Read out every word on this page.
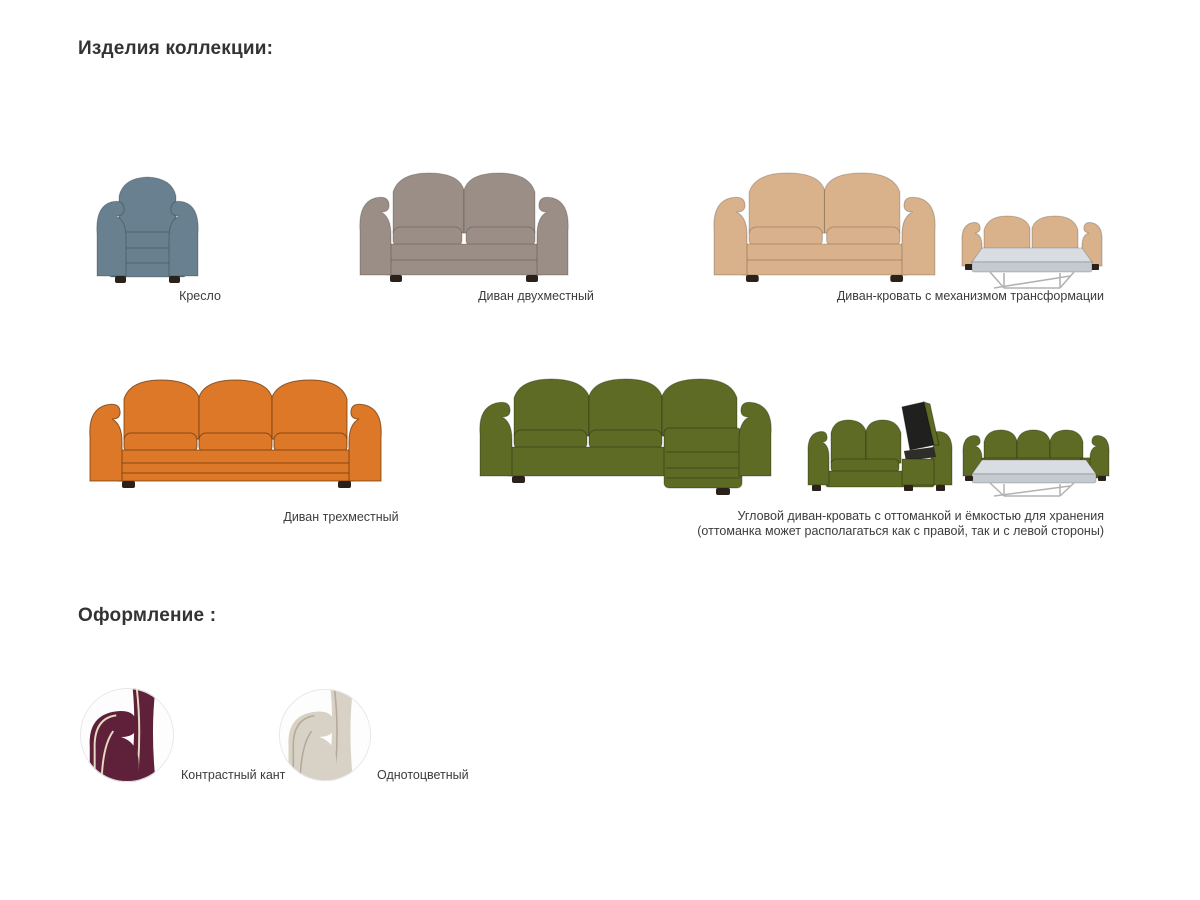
Изделия коллекции:
Кресло	Диван двухместный	Диван-кровать с механизмом трансформации
Диван трехместный	Угловой диван-кровать с оттоманкой и ёмкостью для хранения
(оттоманка может располагаться как с правой, так и с левой стороны)
Оформление :
Контрастный кант	Однотоцветный
